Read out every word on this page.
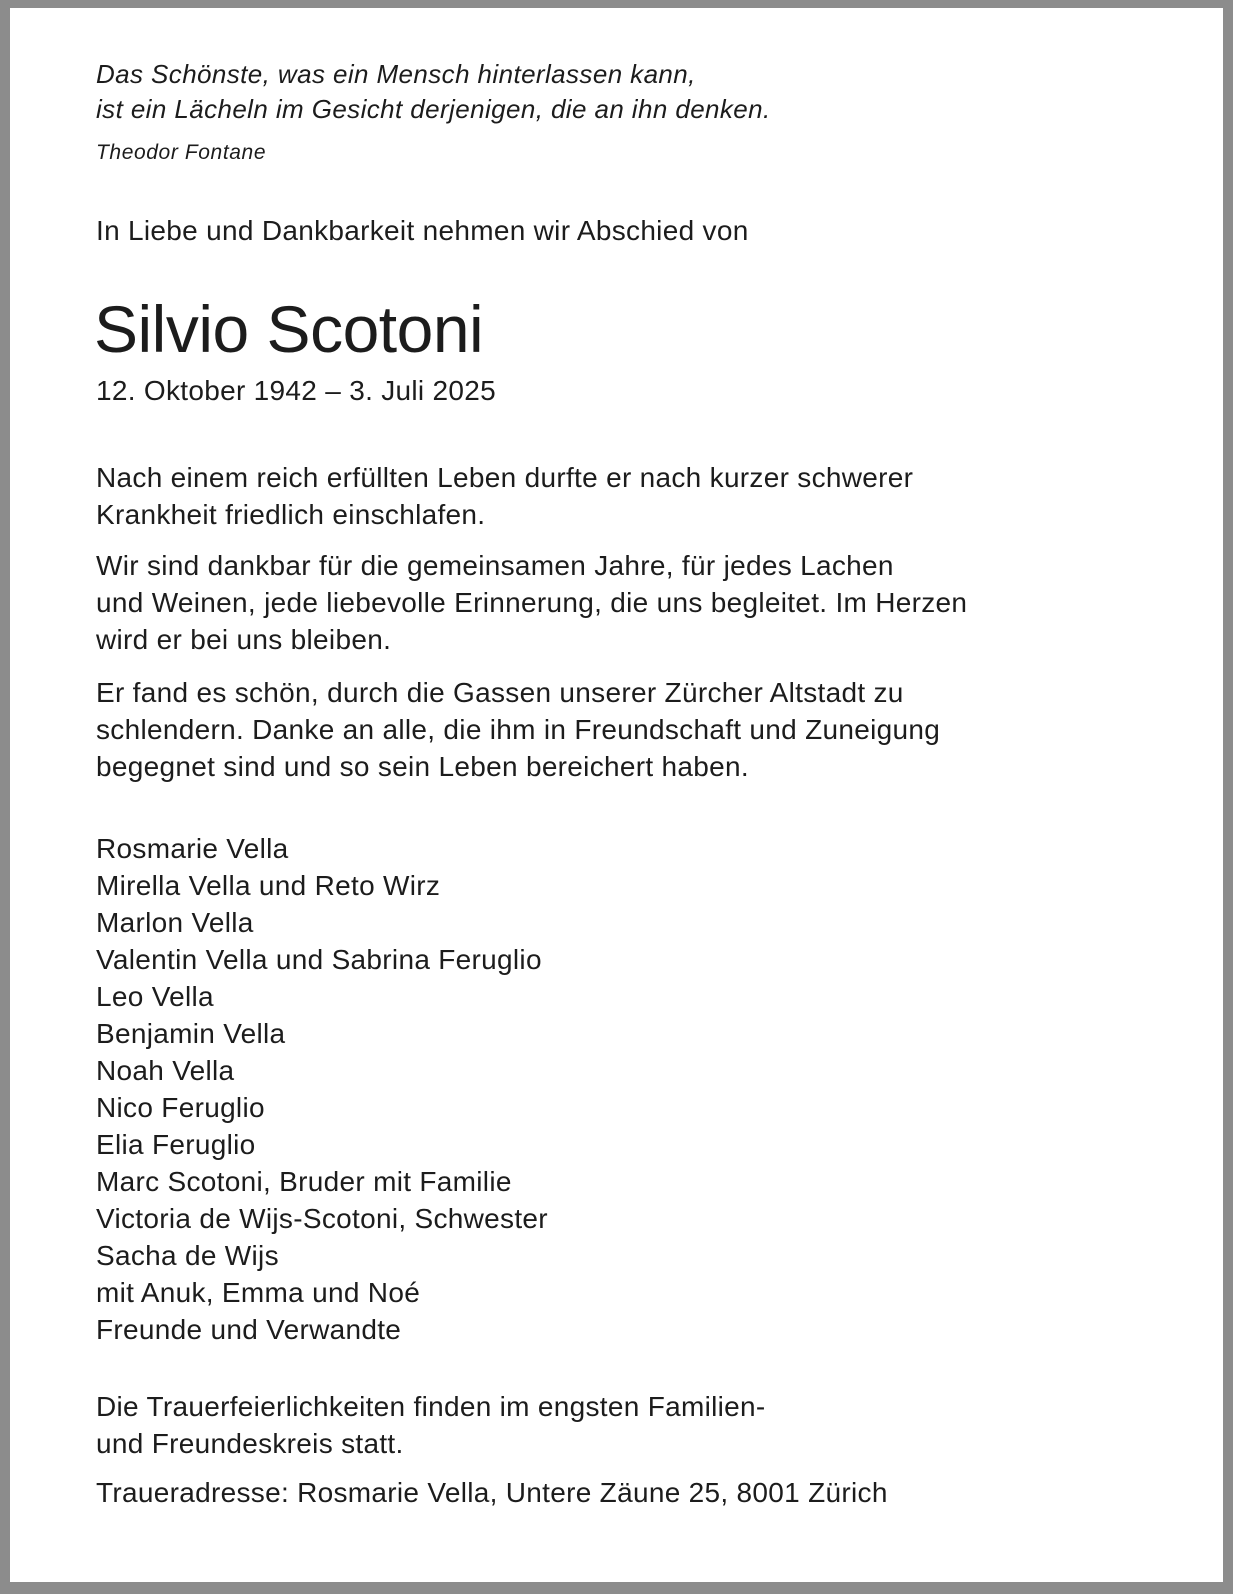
Das Schönste, was ein Mensch hinterlassen kann,
ist ein Lächeln im Gesicht derjenigen, die an ihn denken.
Theodor Fontane
In Liebe und Dankbarkeit nehmen wir Abschied von
Silvio Scotoni
12. Oktober 1942 – 3. Juli 2025
Nach einem reich erfüllten Leben durfte er nach kurzer schwerer
Krankheit friedlich einschlafen.
Wir sind dankbar für die gemeinsamen Jahre, für jedes Lachen
und Weinen, jede liebevolle Erinnerung, die uns begleitet. Im Herzen
wird er bei uns bleiben.
Er fand es schön, durch die Gassen unserer Zürcher Altstadt zu
schlendern. Danke an alle, die ihm in Freundschaft und Zuneigung
begegnet sind und so sein Leben bereichert haben.
Rosmarie Vella
Mirella Vella und Reto Wirz
Marlon Vella
Valentin Vella und Sabrina Feruglio
Leo Vella
Benjamin Vella
Noah Vella
Nico Feruglio
Elia Feruglio
Marc Scotoni, Bruder mit Familie
Victoria de Wijs-Scotoni, Schwester
Sacha de Wijs
mit Anuk, Emma und Noé
Freunde und Verwandte
Die Trauerfeierlichkeiten finden im engsten Familien-
und Freundeskreis statt.
Traueradresse: Rosmarie Vella, Untere Zäune 25, 8001 Zürich
